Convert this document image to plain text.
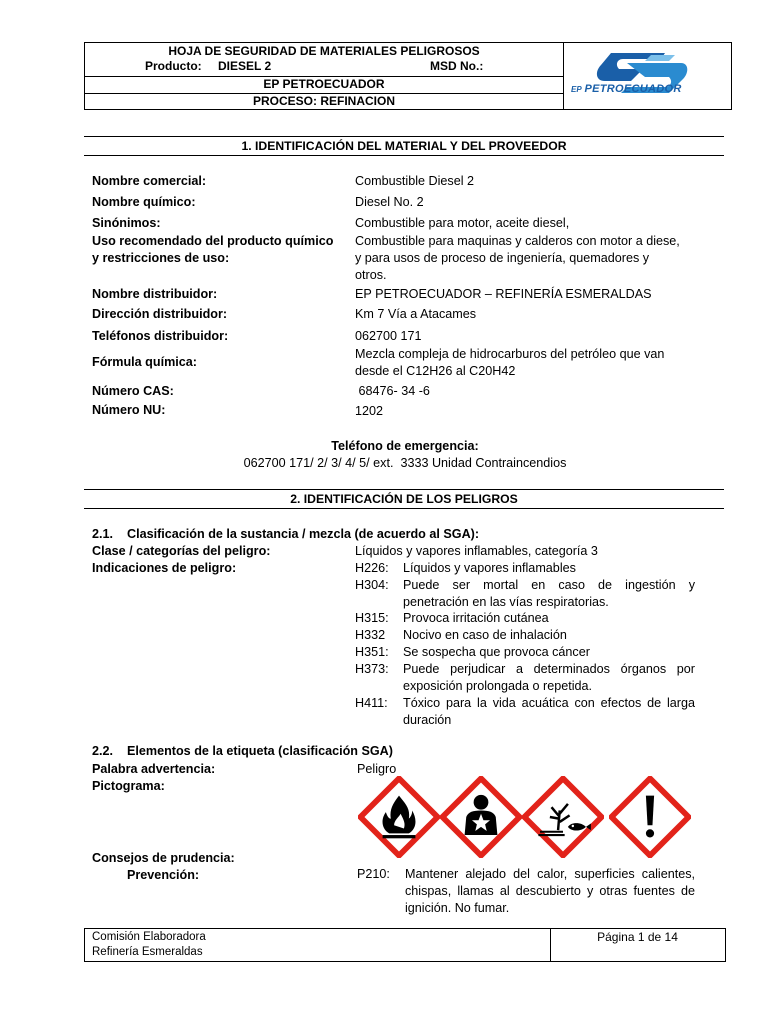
HOJA DE SEGURIDAD DE MATERIALES PELIGROSOS
Producto: DIESEL 2	MSD No.:
EP PETROECUADOR
PROCESO: REFINACION
EP PETROECUADOR
1. IDENTIFICACIÓN DEL MATERIAL Y DEL PROVEEDOR
Nombre comercial:	Combustible Diesel 2
Nombre químico:	Diesel No. 2
Sinónimos:	Combustible para motor, aceite diesel,
Uso recomendado del producto químico
y restricciones de uso:
Combustible para maquinas y calderos con motor a diese,
y para usos de proceso de ingeniería, quemadores y
otros.
Nombre distribuidor:	EP PETROECUADOR – REFINERÍA ESMERALDAS
Dirección distribuidor:	Km 7 Vía a Atacames
Teléfonos distribuidor:	062700 171
Fórmula química:
Mezcla compleja de hidrocarburos del petróleo que van
desde el C12H26 al C20H42
Número CAS:	68476- 34 -6
Número NU:	1202
Teléfono de emergencia:
062700 171/ 2/ 3/ 4/ 5/ ext.  3333 Unidad Contraincendios
2. IDENTIFICACIÓN DE LOS PELIGROS
2.1.    Clasificación de la sustancia / mezcla (de acuerdo al SGA):
Clase / categorías del peligro:	Líquidos y vapores inflamables, categoría 3
Indicaciones de peligro:	H226: Líquidos y vapores inflamables
H304: Puede ser mortal en caso de ingestión y penetración en las vías respiratorias.
H315: Provoca irritación cutánea
H332 Nocivo en caso de inhalación
H351: Se sospecha que provoca cáncer
H373: Puede perjudicar a determinados órganos por exposición prolongada o repetida.
H411: Tóxico para la vida acuática con efectos de larga duración
2.2.    Elementos de la etiqueta (clasificación SGA)
Palabra advertencia:	Peligro
Pictograma:
Consejos de prudencia:
Prevención:	P210: Mantener alejado del calor, superficies calientes, chispas, llamas al descubierto y otras fuentes de ignición. No fumar.
Comisión Elaboradora
Refinería Esmeraldas
Página 1 de 14
